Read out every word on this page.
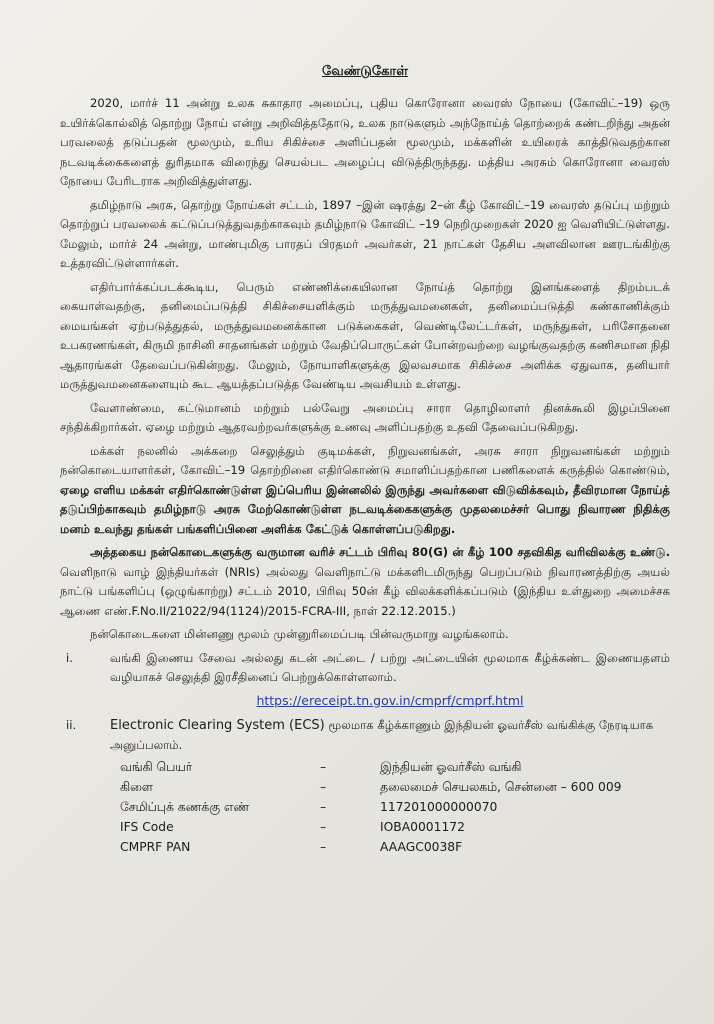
வேண்டுகோள்

2020, மார்ச் 11 அன்று உலக சுகாதார அமைப்பு, புதிய கொரோனா வைரஸ் நோயை (கோவிட்–19) ஒரு உயிர்க்கொல்லித் தொற்று நோய் என்று அறிவித்ததோடு, உலக நாடுகளும் அந்நோய்த் தொற்றைக் கண்டறிந்து அதன் பரவலைத் தடுப்பதன் மூலமும், உரிய சிகிச்சை அளிப்பதன் மூலமும், மக்களின் உயிரைக் காத்திடுவதற்கான நடவடிக்கைகளைத் துரிதமாக விரைந்து செயல்பட அழைப்பு விடுத்திருந்தது. மத்திய அரசும் கொரோனா வைரஸ் நோயை பேரிடராக அறிவித்துள்ளது.

தமிழ்நாடு அரசு, தொற்று நோய்கள் சட்டம், 1897 –இன் ஷரத்து 2–ன் கீழ் கோவிட்–19 வைரஸ் தடுப்பு மற்றும் தொற்றுப் பரவலைக் கட்டுப்படுத்துவதற்காகவும் தமிழ்நாடு கோவிட் –19 நெறிமுறைகள் 2020 ஐ வெளியிட்டுள்ளது. மேலும், மார்ச் 24 அன்று, மாண்புமிகு பாரதப் பிரதமர் அவர்கள், 21 நாட்கள் தேசிய அளவிலான ஊரடங்கிற்கு உத்தரவிட்டுள்ளார்கள்.

எதிர்பார்க்கப்படக்கூடிய, பெரும் எண்ணிக்கையிலான நோய்த் தொற்று இனங்களைத் திறம்படக் கையாள்வதற்கு, தனிமைப்படுத்தி சிகிச்சையளிக்கும் மருத்துவமனைகள், தனிமைப்படுத்தி கண்காணிக்கும் மையங்கள் ஏற்படுத்துதல், மருத்துவமனைக்கான படுக்கைகள், வெண்டிலேட்டர்கள், மருந்துகள், பரிசோதனை உபகரணங்கள், கிருமி நாசினி சாதனங்கள் மற்றும் வேதிப்பொருட்கள் போன்றவற்றை வழங்குவதற்கு கணிசமான நிதி ஆதாரங்கள் தேவைப்படுகின்றது. மேலும், நோயாளிகளுக்கு இலவசமாக சிகிச்சை அளிக்க ஏதுவாக, தனியார் மருத்துவமனைகளையும் கூட ஆயத்தப்படுத்த வேண்டிய அவசியம் உள்ளது.

வேளாண்மை, கட்டுமானம் மற்றும் பல்வேறு அமைப்பு சாரா தொழிலாளர் தினக்கூலி இழப்பினை சந்திக்கிறார்கள். ஏழை மற்றும் ஆதரவற்றவர்களுக்கு உணவு அளிப்பதற்கு உதவி தேவைப்படுகிறது.

மக்கள் நலனில் அக்கறை செலுத்தும் குடிமக்கள், நிறுவனங்கள், அரசு சாரா நிறுவனங்கள் மற்றும் நன்கொடையாளர்கள், கோவிட்–19 தொற்றினை எதிர்கொண்டு சமாளிப்பதற்கான பணிகளைக் கருத்தில் கொண்டும், ஏழை எளிய மக்கள் எதிர்கொண்டுள்ள இப்பெரிய இன்னலில் இருந்து அவர்களை விடுவிக்கவும், தீவிரமான நோய்த் தடுப்பிற்காகவும் தமிழ்நாடு அரசு மேற்கொண்டுள்ள நடவடிக்கைகளுக்கு முதலமைச்சர் பொது நிவாரண நிதிக்கு மனம் உவந்து தங்கள் பங்களிப்பினை அளிக்க கேட்டுக் கொள்ளப்படுகிறது.

அத்தகைய நன்கொடைகளுக்கு வருமான வரிச் சட்டம் பிரிவு 80(G) ன் கீழ் 100 சதவிகித வரிவிலக்கு உண்டு. வெளிநாடு வாழ் இந்தியர்கள் (NRIs) அல்லது வெளிநாட்டு மக்களிடமிருந்து பெறப்படும் நிவாரணத்திற்கு அயல் நாட்டு பங்களிப்பு (ஒழுங்காற்று) சட்டம் 2010, பிரிவு 50ன் கீழ் விலக்களிக்கப்படும் (இந்திய உள்துறை அமைச்சக ஆணை எண்.F.No.II/21022/94(1124)/2015-FCRA-III, நாள் 22.12.2015.)

நன்கொடைகளை மின்னணு மூலம் முன்னுரிமைப்படி பின்வருமாறு வழங்கலாம்.

i.	வங்கி இணைய சேவை அல்லது கடன் அட்டை / பற்று அட்டையின் மூலமாக கீழ்க்கண்ட இணையதளம் வழியாகச் செலுத்தி இரசீதினைப் பெற்றுக்கொள்ளலாம்.
https://ereceipt.tn.gov.in/cmprf/cmprf.html
ii.	Electronic Clearing System (ECS) மூலமாக கீழ்க்காணும் இந்தியன் ஓவர்சீஸ் வங்கிக்கு நேரடியாக அனுப்பலாம்.
வங்கி பெயர்	–	இந்தியன் ஓவர்சீஸ் வங்கி
கிளை	–	தலைமைச் செயலகம், சென்னை – 600 009
சேமிப்புக் கணக்கு எண்	–	117201000000070
IFS Code	–	IOBA0001172
CMPRF PAN	–	AAAGC0038F
